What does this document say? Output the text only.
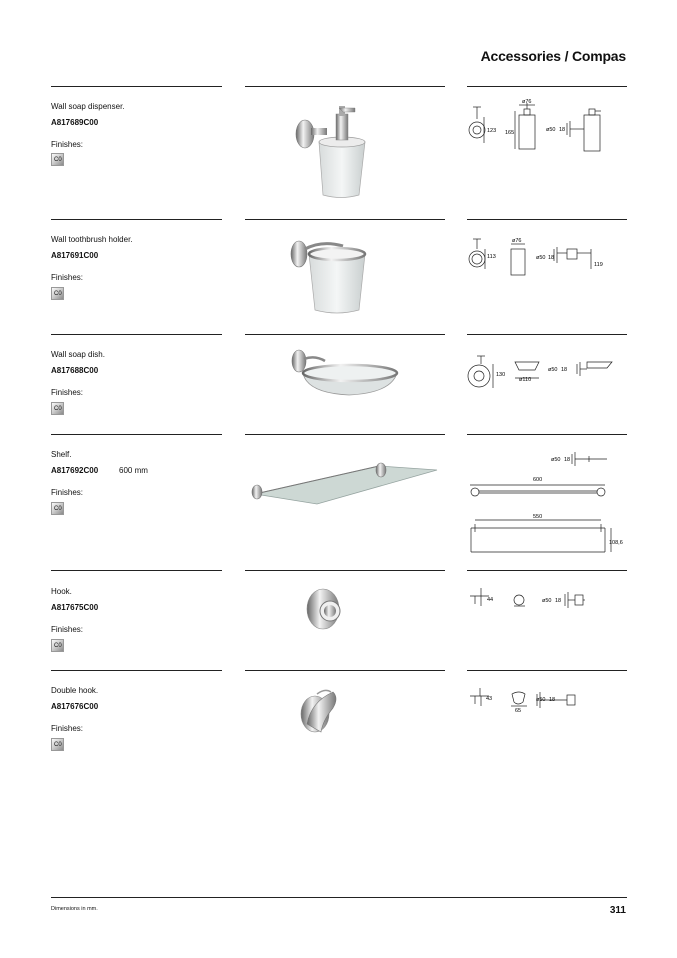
Accessories / Compas
Wall soap dispenser.
A817689C00
Finishes:
C0
123 165
ø76
ø50 18
Wall toothbrush holder.
A817691C00
Finishes:
C0
113
ø76
ø50 18
119
Wall soap dish.
A817688C00
Finishes:
C0
130
ø110
ø50 18
Shelf.
A817692C00	600 mm
Finishes:
C0
ø50 18
600
550
108,6
Hook.
A817675C00
Finishes:
C0
44	ø50 18
Double hook.
A817676C00
Finishes:
C0
43
65
ø50 18
Dimensions in mm.	311
